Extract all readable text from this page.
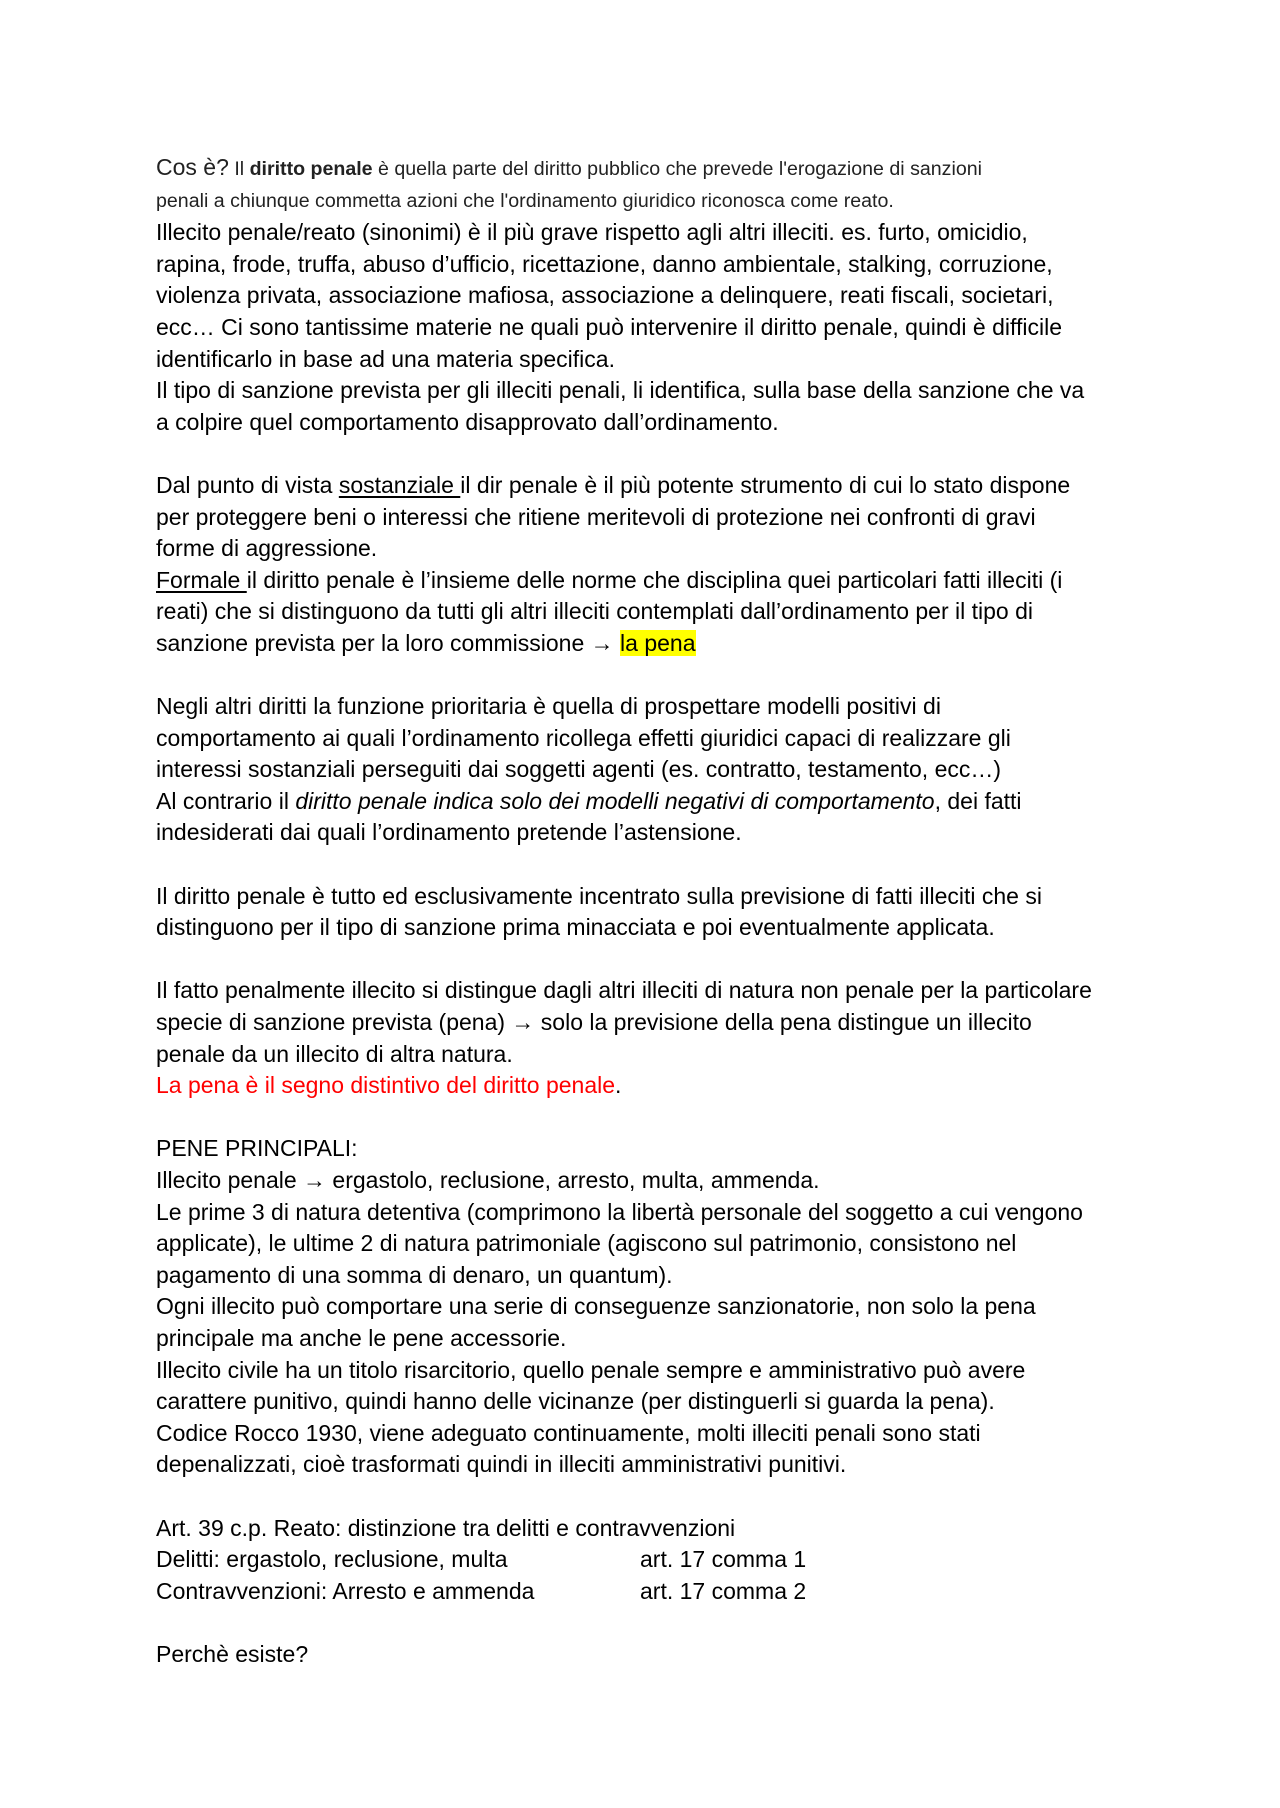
Cos è? Il diritto penale è quella parte del diritto pubblico che prevede l'erogazione di sanzioni

penali a chiunque commetta azioni che l'ordinamento giuridico riconosca come reato.

Illecito penale/reato (sinonimi) è il più grave rispetto agli altri illeciti. es. furto, omicidio,

rapina, frode, truffa, abuso d’ufficio, ricettazione, danno ambientale, stalking, corruzione,

violenza privata, associazione mafiosa, associazione a delinquere, reati fiscali, societari,

ecc… Ci sono tantissime materie ne quali può intervenire il diritto penale, quindi è difficile

identificarlo in base ad una materia specifica.

Il tipo di sanzione prevista per gli illeciti penali, li identifica, sulla base della sanzione che va

a colpire quel comportamento disapprovato dall’ordinamento.

Dal punto di vista sostanziale il dir penale è il più potente strumento di cui lo stato dispone

per proteggere beni o interessi che ritiene meritevoli di protezione nei confronti di gravi

forme di aggressione.

Formale il diritto penale è l’insieme delle norme che disciplina quei particolari fatti illeciti (i

reati) che si distinguono da tutti gli altri illeciti contemplati dall’ordinamento per il tipo di

sanzione prevista per la loro commissione → la pena

Negli altri diritti la funzione prioritaria è quella di prospettare modelli positivi di

comportamento ai quali l’ordinamento ricollega effetti giuridici capaci di realizzare gli

interessi sostanziali perseguiti dai soggetti agenti (es. contratto, testamento, ecc…)

Al contrario il diritto penale indica solo dei modelli negativi di comportamento, dei fatti

indesiderati dai quali l’ordinamento pretende l’astensione.

Il diritto penale è tutto ed esclusivamente incentrato sulla previsione di fatti illeciti che si

distinguono per il tipo di sanzione prima minacciata e poi eventualmente applicata.

Il fatto penalmente illecito si distingue dagli altri illeciti di natura non penale per la particolare

specie di sanzione prevista (pena) → solo la previsione della pena distingue un illecito

penale da un illecito di altra natura.

La pena è il segno distintivo del diritto penale.

PENE PRINCIPALI:

Illecito penale → ergastolo, reclusione, arresto, multa, ammenda.

Le prime 3 di natura detentiva (comprimono la libertà personale del soggetto a cui vengono

applicate), le ultime 2 di natura patrimoniale (agiscono sul patrimonio, consistono nel

pagamento di una somma di denaro, un quantum).

Ogni illecito può comportare una serie di conseguenze sanzionatorie, non solo la pena

principale ma anche le pene accessorie.

Illecito civile ha un titolo risarcitorio, quello penale sempre e amministrativo può avere

carattere punitivo, quindi hanno delle vicinanze (per distinguerli si guarda la pena).

Codice Rocco 1930, viene adeguato continuamente, molti illeciti penali sono stati

depenalizzati, cioè trasformati quindi in illeciti amministrativi punitivi.

Art. 39 c.p. Reato: distinzione tra delitti e contravvenzioni

Delitti: ergastolo, reclusione, multa	art. 17 comma 1

Contravvenzioni: Arresto e ammenda	art. 17 comma 2

Perchè esiste?
